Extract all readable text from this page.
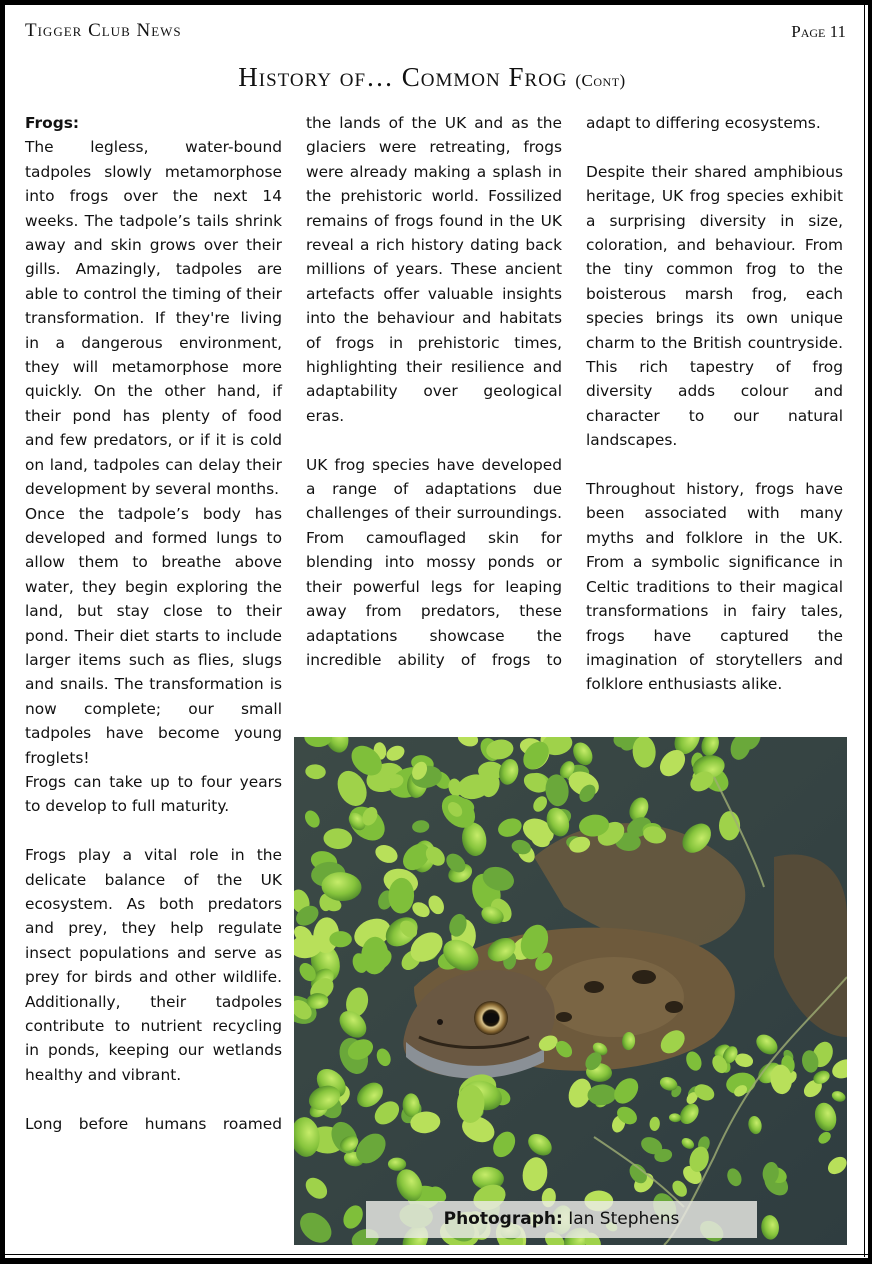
Tigger Club News	Page 11
History of… Common Frog (Cont)

Frogs:
The legless, water-bound tadpoles slowly metamorphose into frogs over the next 14 weeks. The tadpole’s tails shrink away and skin grows over their gills. Amazingly, tadpoles are able to control the timing of their transformation. If they're living in a dangerous environment, they will metamorphose more quickly. On the other hand, if their pond has plenty of food and few predators, or if it is cold on land, tadpoles can delay their development by several months.

Once the tadpole’s body has developed and formed lungs to allow them to breathe above water, they begin exploring the land, but stay close to their pond. Their diet starts to include larger items such as flies, slugs and snails. The transformation is now complete; our small tadpoles have become young froglets!

Frogs can take up to four years to develop to full maturity.

Frogs play a vital role in the delicate balance of the UK ecosystem. As both predators and prey, they help regulate insect populations and serve as prey for birds and other wildlife. Additionally, their tadpoles contribute to nutrient recycling in ponds, keeping our wetlands healthy and vibrant.

Long before humans roamed

the lands of the UK and as the glaciers were retreating, frogs were already making a splash in the prehistoric world. Fossilized remains of frogs found in the UK reveal a rich history dating back millions of years. These ancient artefacts offer valuable insights into the behaviour and habitats of frogs in prehistoric times, highlighting their resilience and adaptability over geological eras.

UK frog species have developed a range of adaptations due challenges of their surroundings. From camouflaged skin for blending into mossy ponds or their powerful legs for leaping away from predators, these adaptations showcase the incredible ability of frogs to

adapt to differing ecosystems.

Despite their shared amphibious heritage, UK frog species exhibit a surprising diversity in size, coloration, and behaviour. From the tiny common frog to the boisterous marsh frog, each species brings its own unique charm to the British countryside. This rich tapestry of frog diversity adds colour and character to our natural landscapes.

Throughout history, frogs have been associated with many myths and folklore in the UK. From a symbolic significance in Celtic traditions to their magical transformations in fairy tales, frogs have captured the imagination of storytellers and folklore enthusiasts alike.

Photograph: Ian Stephens
